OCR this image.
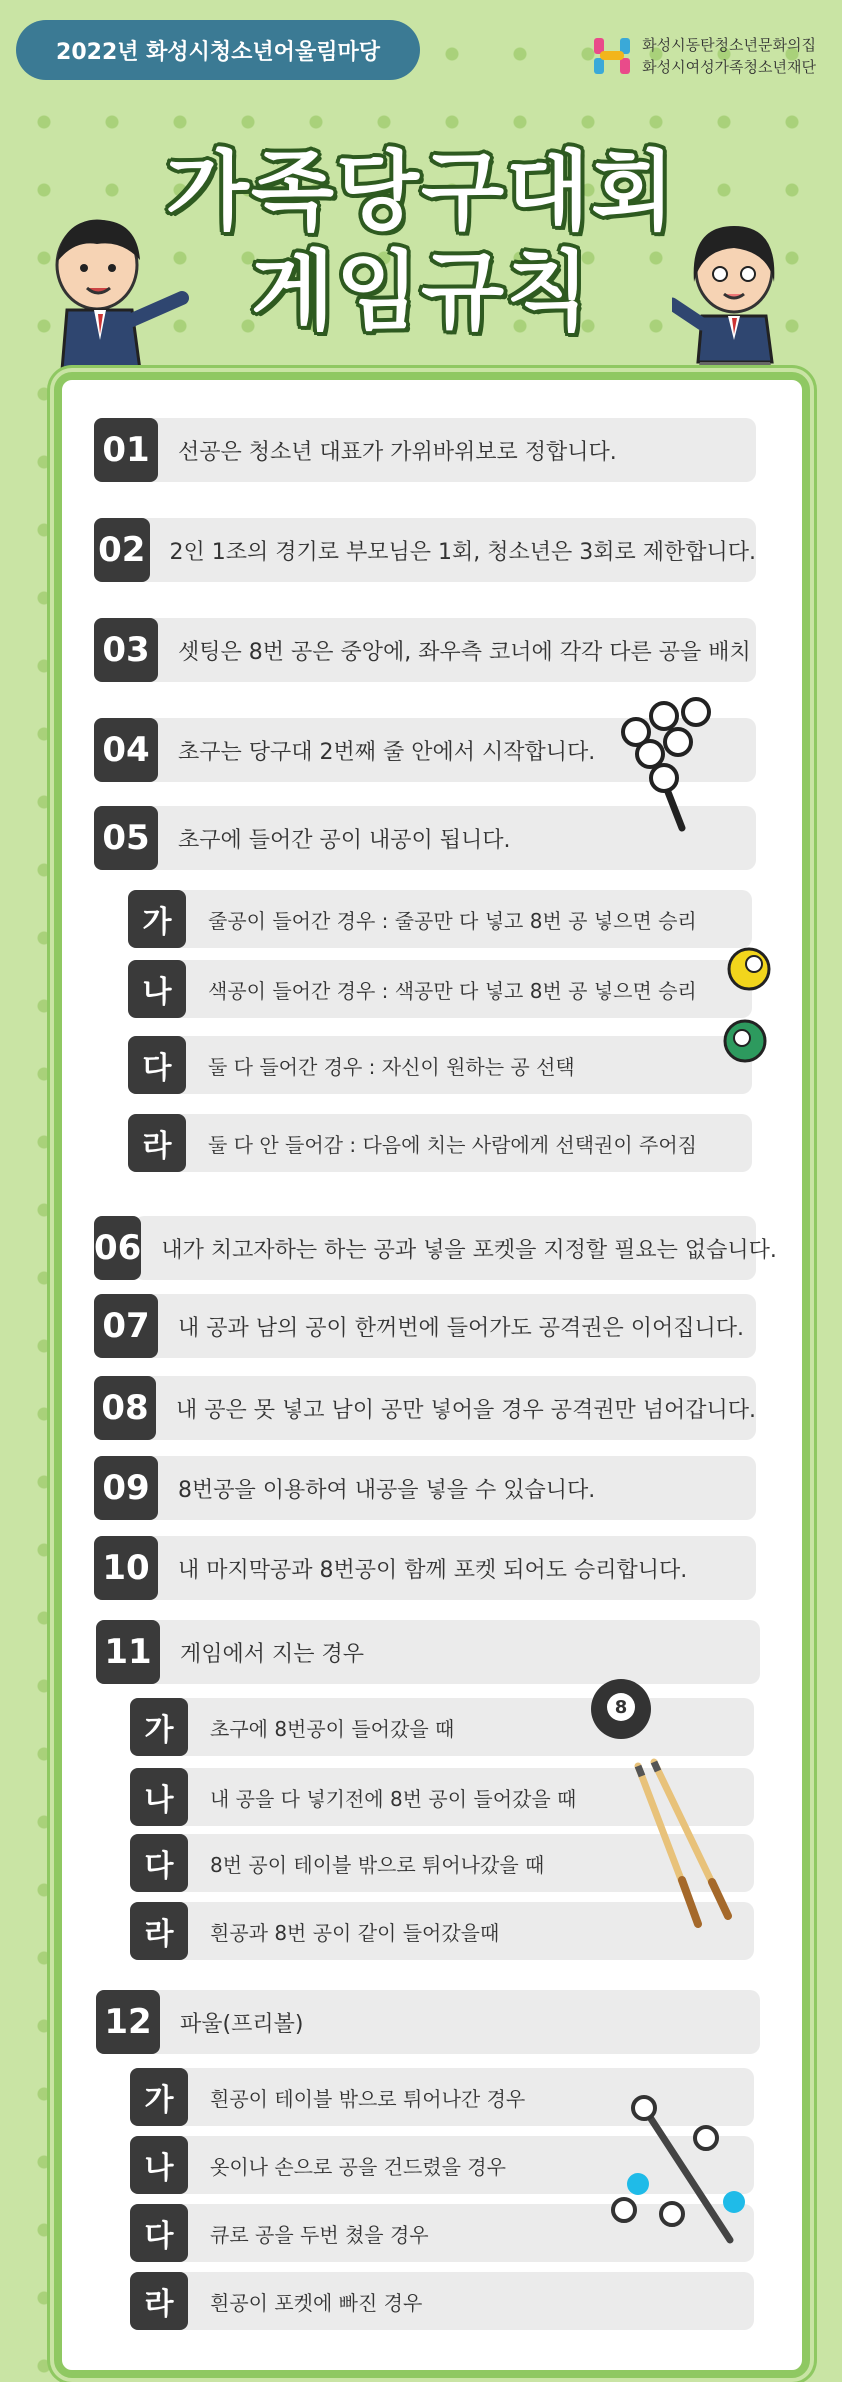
2022년 화성시청소년어울림마당	화성시동탄청소년문화의집
화성시여성가족청소년재단
가족당구대회
게임규칙
01	선공은 청소년 대표가 가위바위보로 정합니다.
02 2인 1조의 경기로 부모님은 1회, 청소년은 3회로 제한합니다.
03	셋팅은 8번 공은 중앙에, 좌우측 코너에 각각 다른 공을 배치
04	초구는 당구대 2번째 줄 안에서 시작합니다.
05	초구에 들어간 공이 내공이 됩니다.
가	줄공이 들어간 경우 : 줄공만 다 넣고 8번 공 넣으면 승리
나	색공이 들어간 경우 : 색공만 다 넣고 8번 공 넣으면 승리
다	둘 다 들어간 경우 : 자신이 원하는 공 선택
라	둘 다 안 들어감 : 다음에 치는 사람에게 선택권이 주어짐
06 내가 치고자하는 하는 공과 넣을 포켓을 지정할 필요는 없습니다.
07	내 공과 남의 공이 한꺼번에 들어가도 공격권은 이어집니다.
08	내 공은 못 넣고 남이 공만 넣어을 경우 공격권만 넘어갑니다.
09	8번공을 이용하여 내공을 넣을 수 있습니다.
10	내 마지막공과 8번공이 함께 포켓 되어도 승리합니다.
11	게임에서 지는 경우
가	초구에 8번공이 들어갔을 때
나	내 공을 다 넣기전에 8번 공이 들어갔을 때
다	8번 공이 테이블 밖으로 튀어나갔을 때
라	흰공과 8번 공이 같이 들어갔을때
12	파울(프리볼)
가	흰공이 테이블 밖으로 튀어나간 경우
나	옷이나 손으로 공을 건드렸을 경우
다	큐로 공을 두번 쳤을 경우
라	흰공이 포켓에 빠진 경우
8
